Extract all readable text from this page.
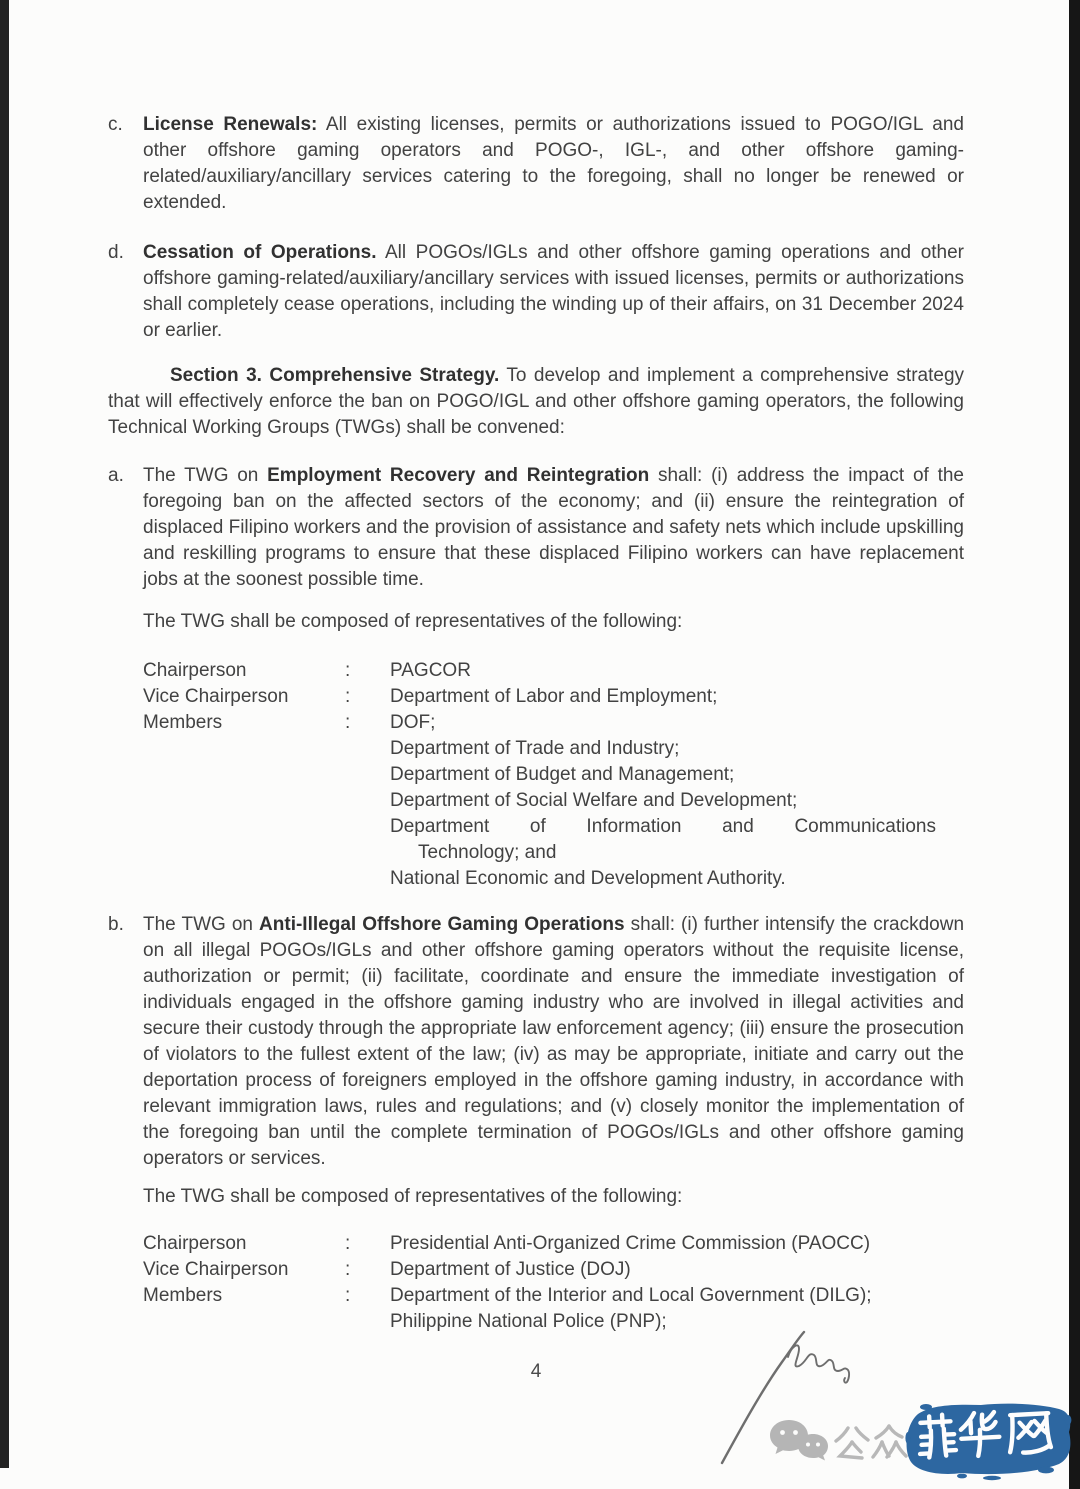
c.	License Renewals: All existing licenses, permits or authorizations issued to POGO/IGL and other offshore gaming operators and POGO-, IGL-, and other offshore gaming-related/auxiliary/ancillary services catering to the foregoing, shall no longer be renewed or extended.

d.	Cessation of Operations. All POGOs/IGLs and other offshore gaming operations and other offshore gaming-related/auxiliary/ancillary services with issued licenses, permits or authorizations shall completely cease operations, including the winding up of their affairs, on 31 December 2024 or earlier.

Section 3. Comprehensive Strategy. To develop and implement a comprehensive strategy that will effectively enforce the ban on POGO/IGL and other offshore gaming operators, the following Technical Working Groups (TWGs) shall be convened:

a.	The TWG on Employment Recovery and Reintegration shall: (i) address the impact of the foregoing ban on the affected sectors of the economy; and (ii) ensure the reintegration of displaced Filipino workers and the provision of assistance and safety nets which include upskilling and reskilling programs to ensure that these displaced Filipino workers can have replacement jobs at the soonest possible time.

The TWG shall be composed of representatives of the following:

Chairperson	:	PAGCOR
Vice Chairperson	:	Department of Labor and Employment;
Members	:	DOF;
Department of Trade and Industry;
Department of Budget and Management;
Department of Social Welfare and Development;
Department of Information and Communications
Technology; and
National Economic and Development Authority.
b.	The TWG on Anti-Illegal Offshore Gaming Operations shall: (i) further intensify the crackdown on all illegal POGOs/IGLs and other offshore gaming operators without the requisite license, authorization or permit; (ii) facilitate, coordinate and ensure the immediate investigation of individuals engaged in the offshore gaming industry who are involved in illegal activities and secure their custody through the appropriate law enforcement agency; (iii) ensure the prosecution of violators to the fullest extent of the law; (iv) as may be appropriate, initiate and carry out the deportation process of foreigners employed in the offshore gaming industry, in accordance with relevant immigration laws, rules and regulations; and (v) closely monitor the implementation of the foregoing ban until the complete termination of POGOs/IGLs and other offshore gaming operators or services.

The TWG shall be composed of representatives of the following:

Chairperson	:	Presidential Anti-Organized Crime Commission (PAOCC)
Vice Chairperson	:	Department of Justice (DOJ)
Members	:	Department of the Interior and Local Government (DILG);
Philippine National Police (PNP);
4
